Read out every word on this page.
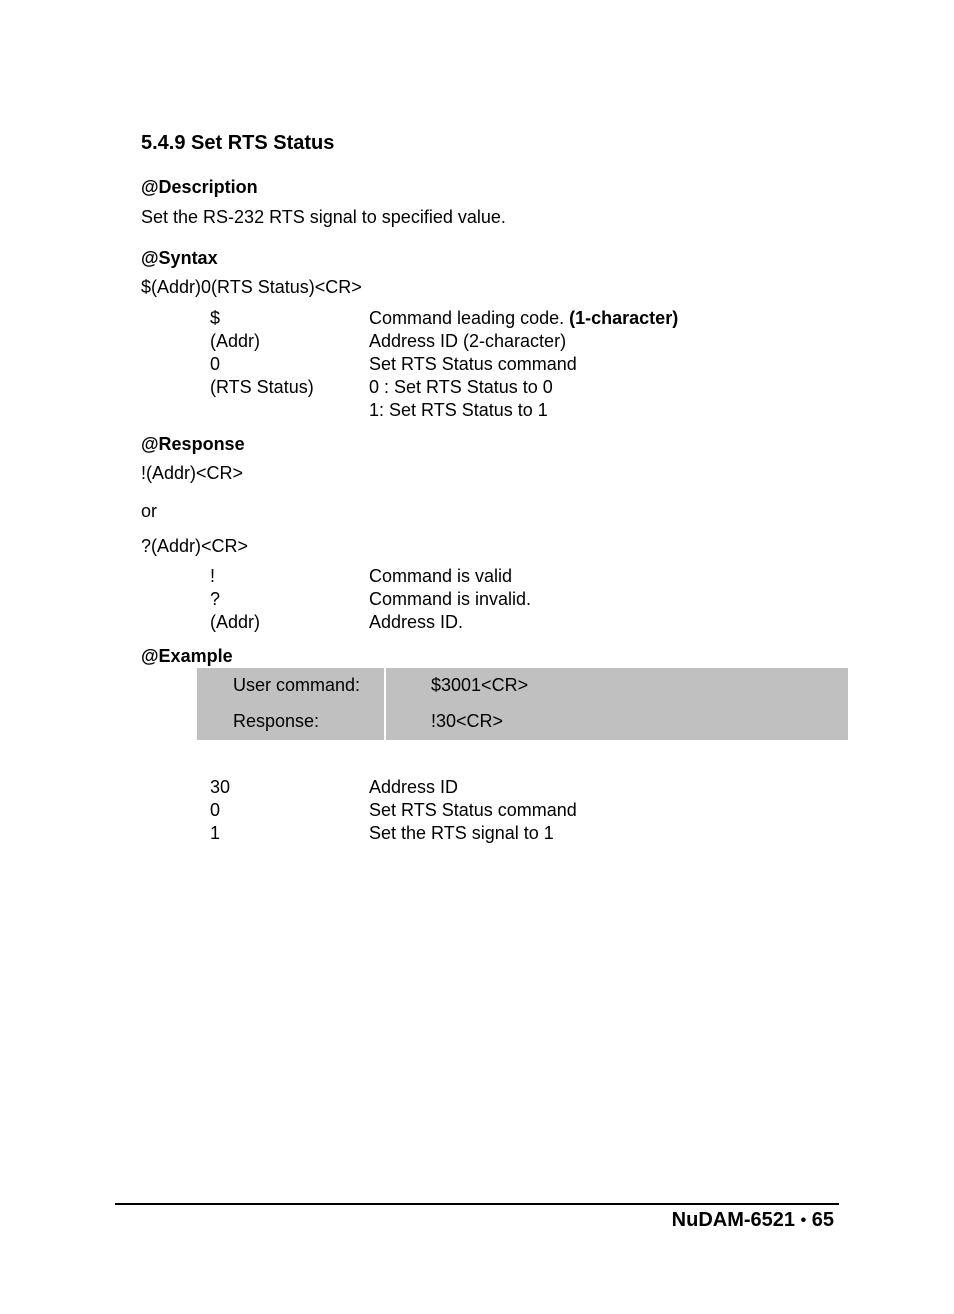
5.4.9 Set RTS Status
@Description
Set the RS-232 RTS signal to specified value.
@Syntax
$(Addr)0(RTS Status)<CR>
$	Command leading code. (1-character)
(Addr)	Address ID (2-character)
0	Set RTS Status command
(RTS Status)	0 : Set RTS Status to 0
1: Set RTS Status to 1
@Response
!(Addr)<CR>
or
?(Addr)<CR>
!	Command is valid
?	Command is invalid.
(Addr)	Address ID.
@Example
User command:	$3001<CR>
Response:	!30<CR>
30	Address ID
0	Set RTS Status command
1	Set the RTS signal to 1
NuDAM-6521 • 65
